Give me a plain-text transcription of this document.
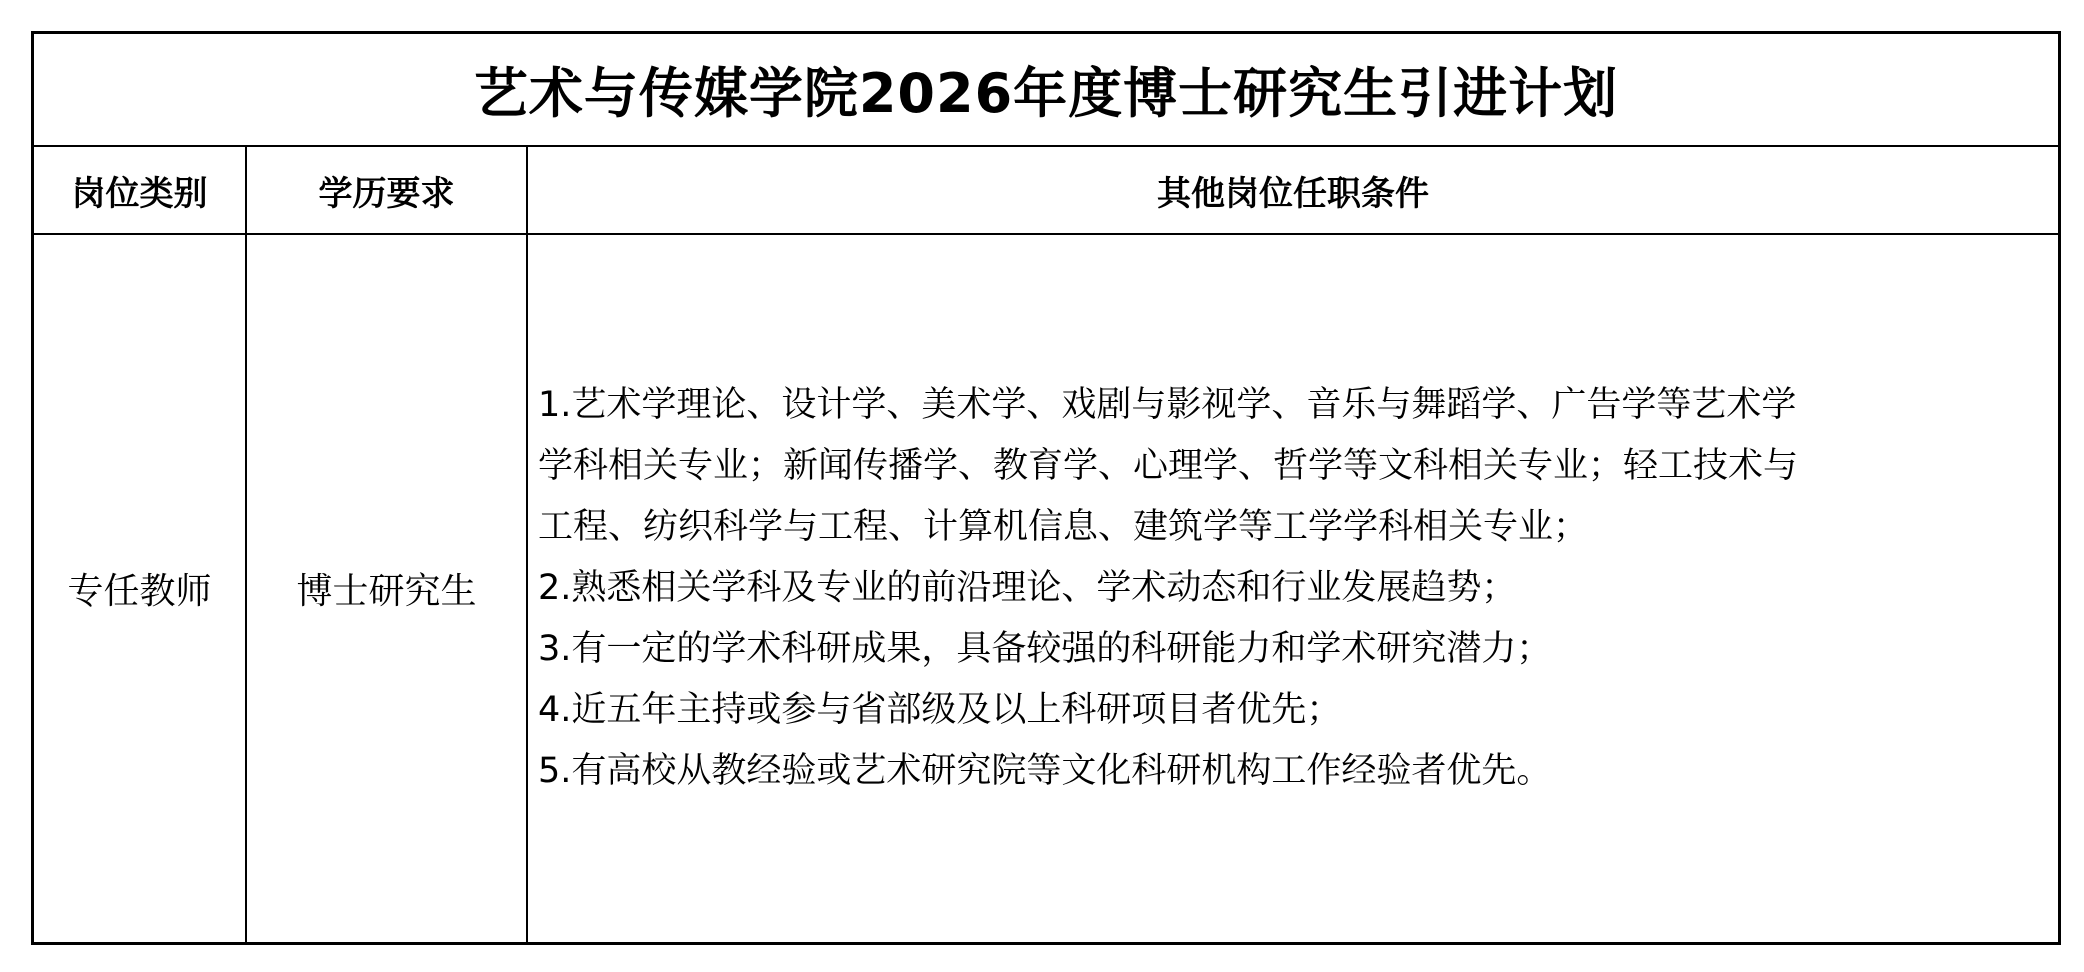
艺术与传媒学院2026年度博士研究生引进计划		
岗位类别	学历要求	其他岗位任职条件
专任教师	博士研究生	1.艺术学理论、设计学、美术学、戏剧与影视学、音乐与舞蹈学、广告学等艺术学学科相关专业；新闻传播学、教育学、心理学、哲学等文科相关专业；轻工技术与工程、纺织科学与工程、计算机信息、建筑学等工学学科相关专业；
2.熟悉相关学科及专业的前沿理论、学术动态和行业发展趋势；
3.有一定的学术科研成果，具备较强的科研能力和学术研究潜力；
4.近五年主持或参与省部级及以上科研项目者优先；
5.有高校从教经验或艺术研究院等文化科研机构工作经验者优先。
